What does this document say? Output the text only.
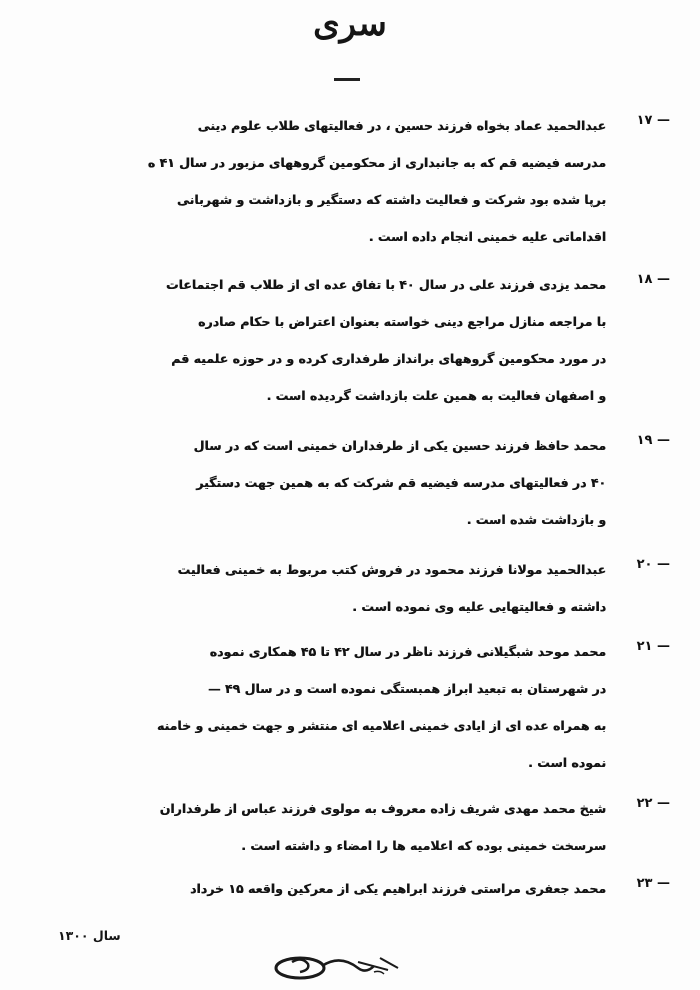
سری
۱۷ —
عبدالحمید عماد بخواه فرزند حسین ، در فعالیتهای طلاب علوم دینی
مدرسه فیضیه قم که به جانبداری از محکومین گروههای مزبور در سال ۴۱ ه
برپا شده بود شرکت و فعالیت داشته که دستگیر و بازداشت و شهربانی
اقداماتی علیه خمینی انجام داده است .
۱۸ —
محمد یزدی فرزند علی در سال ۴۰ با تفاق عده ای از طلاب قم اجتماعات
با مراجعه منازل مراجع دینی خواسته بعنوان اعتراض با حکام صادره
در مورد محکومین گروههای برانداز طرفداری کرده و در حوزه علمیه قم
و اصفهان فعالیت به همین علت بازداشت گردیده است .
۱۹ —
محمد حافظ فرزند حسین یکی از طرفداران خمینی است که در سال
۴۰ در فعالیتهای مدرسه فیضیه قم شرکت که به همین جهت دستگیر
و بازداشت شده است .
۲۰ —
عبدالحمید مولانا فرزند محمود در فروش کتب مربوط به خمینی فعالیت
داشته و فعالیتهایی علیه وی نموده است .
۲۱ —
محمد موحد شبگیلانی فرزند ناظر در سال ۴۲ تا ۴۵ همکاری نموده
در شهرستان به تبعید ابراز همبستگی نموده است و در سال ۴۹ —
به همراه عده ای از ایادی خمینی اعلامیه ای منتشر و جهت خمینی و خامنه
نموده است .
۲۲ —
شیخ محمد مهدی شریف زاده معروف به مولوی فرزند عباس از طرفداران
سرسخت خمینی بوده که اعلامیه ها را امضاء و داشته است .
۲۳ —
محمد جعفری مراستی فرزند ابراهیم یکی از معرکین واقعه ۱۵ خرداد
سال ۱۳۰۰
